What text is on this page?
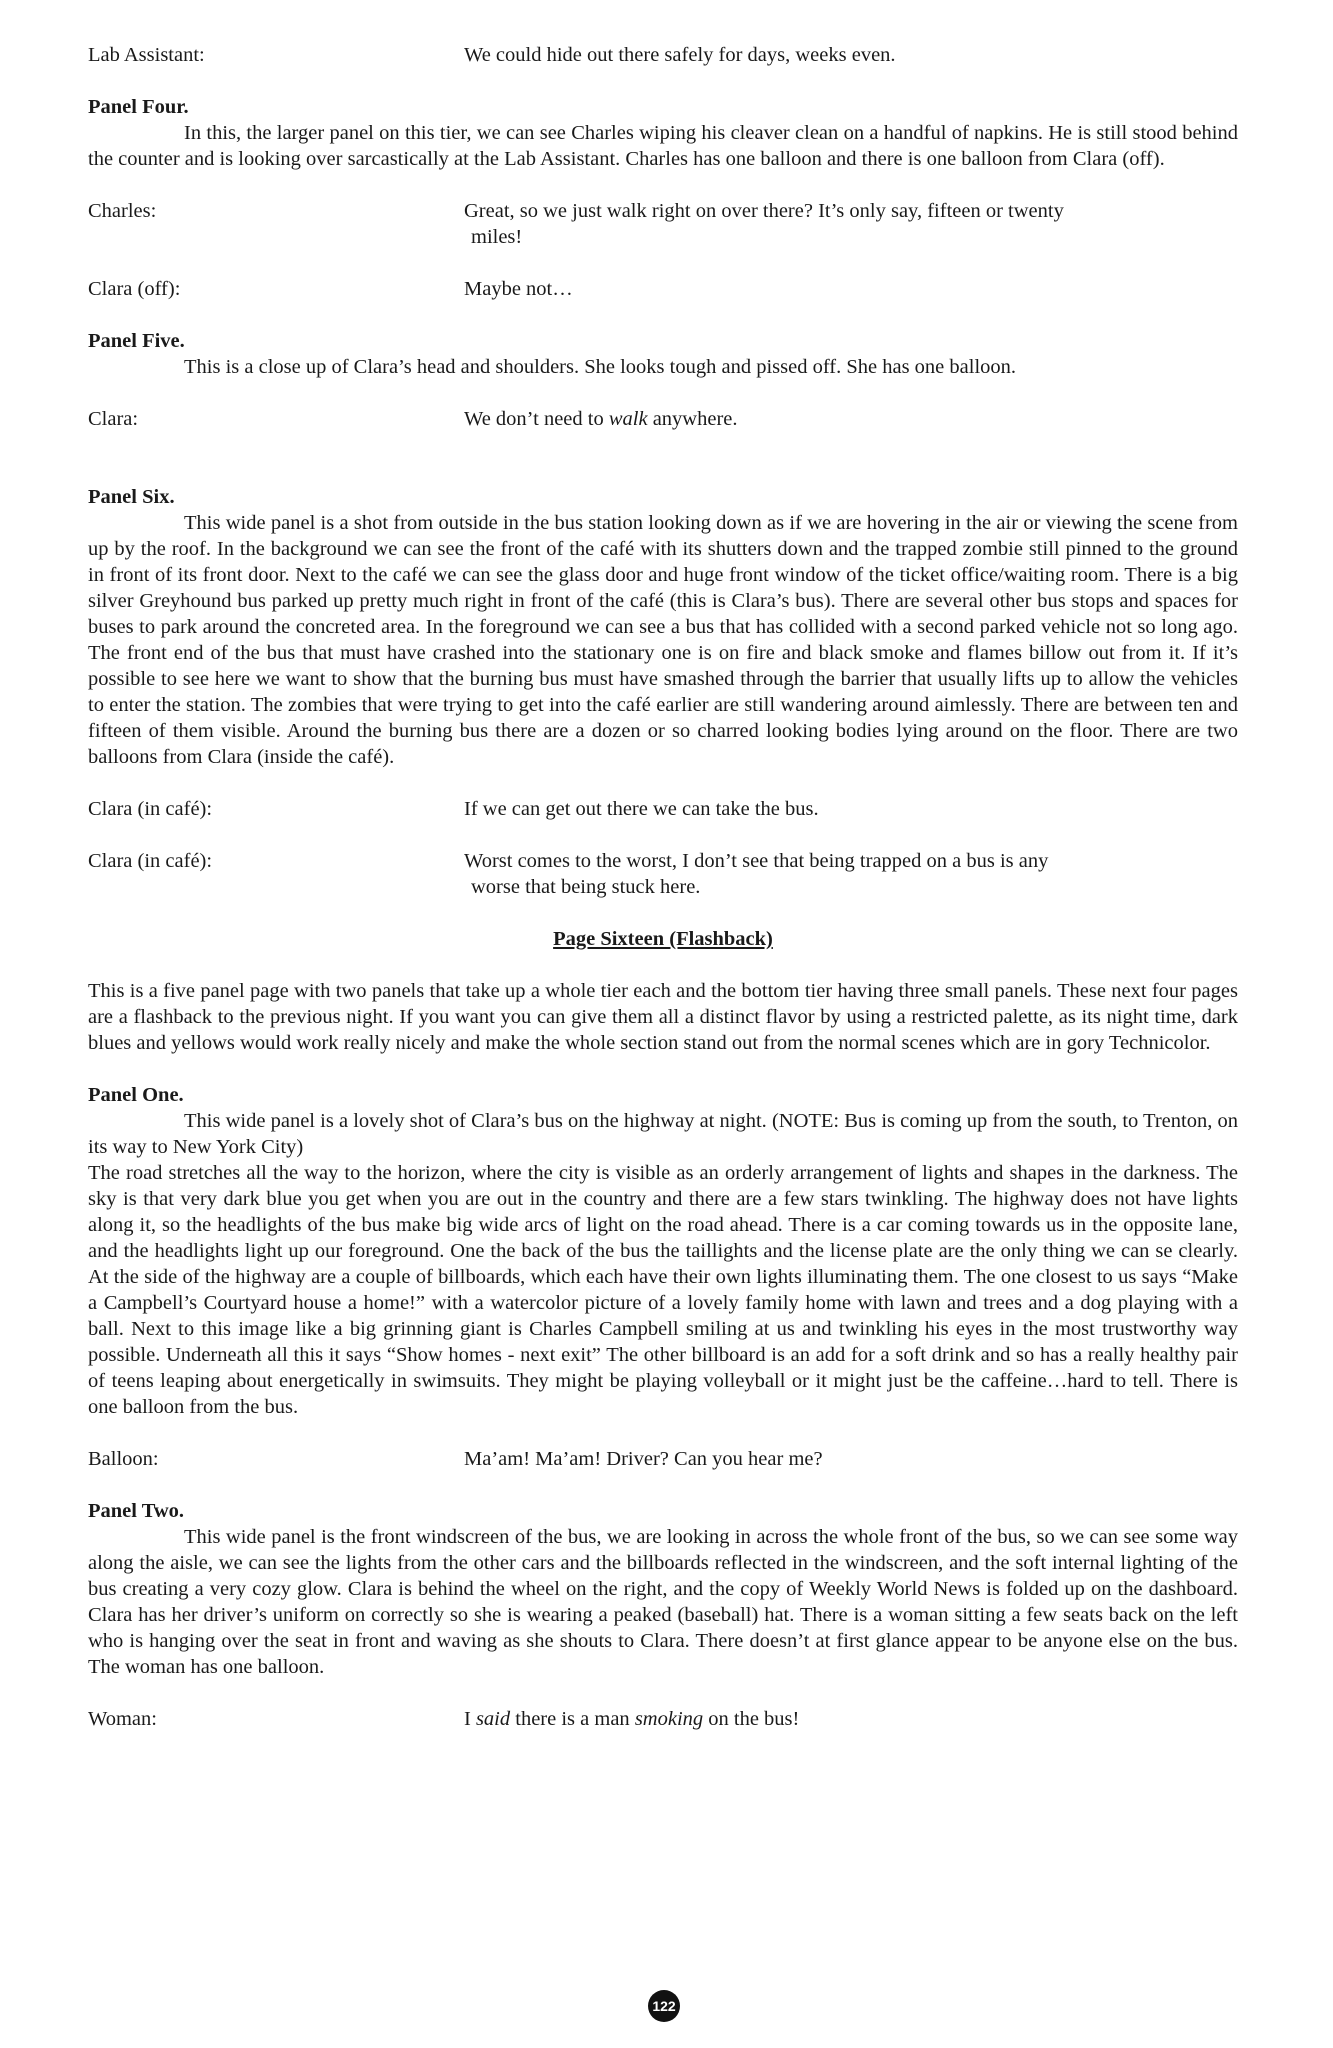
Lab Assistant:	We could hide out there safely for days, weeks even.
Panel Four.

In this, the larger panel on this tier, we can see Charles wiping his cleaver clean on a handful of napkins. He is still stood behind the counter and is looking over sarcastically at the Lab Assistant. Charles has one balloon and there is one balloon from Clara (off).

Charles:	Great, so we just walk right on over there? It’s only say, fifteen or twenty
miles!
Clara (off):	Maybe not…
Panel Five.

This is a close up of Clara’s head and shoulders. She looks tough and pissed off. She has one balloon.

Clara:	We don’t need to walk anywhere.
Panel Six.

This wide panel is a shot from outside in the bus station looking down as if we are hovering in the air or viewing the scene from up by the roof. In the background we can see the front of the café with its shutters down and the trapped zombie still pinned to the ground in front of its front door. Next to the café we can see the glass door and huge front window of the ticket office/waiting room. There is a big silver Greyhound bus parked up pretty much right in front of the café (this is Clara’s bus). There are several other bus stops and spaces for buses to park around the concreted area. In the foreground we can see a bus that has collided with a second parked vehicle not so long ago. The front end of the bus that must have crashed into the stationary one is on fire and black smoke and flames billow out from it. If it’s possible to see here we want to show that the burning bus must have smashed through the barrier that usually lifts up to allow the vehicles to enter the station. The zombies that were trying to get into the café earlier are still wandering around aimlessly. There are between ten and fifteen of them visible. Around the burning bus there are a dozen or so charred looking bodies lying around on the floor. There are two balloons from Clara (inside the café).

Clara (in café):	If we can get out there we can take the bus.
Clara (in café):	Worst comes to the worst, I don’t see that being trapped on a bus is any
worse that being stuck here.
Page Sixteen (Flashback)

This is a five panel page with two panels that take up a whole tier each and the bottom tier having three small panels. These next four pages are a flashback to the previous night. If you want you can give them all a distinct flavor by using a restricted palette, as its night time, dark blues and yellows would work really nicely and make the whole section stand out from the normal scenes which are in gory Technicolor.

Panel One.

This wide panel is a lovely shot of Clara’s bus on the highway at night. (NOTE: Bus is coming up from the south, to Trenton, on its way to New York City)
The road stretches all the way to the horizon, where the city is visible as an orderly arrangement of lights and shapes in the darkness. The sky is that very dark blue you get when you are out in the country and there are a few stars twinkling. The highway does not have lights along it, so the headlights of the bus make big wide arcs of light on the road ahead. There is a car coming towards us in the opposite lane, and the headlights light up our foreground. One the back of the bus the taillights and the license plate are the only thing we can se clearly. At the side of the highway are a couple of billboards, which each have their own lights illuminating them. The one closest to us says “Make a Campbell’s Courtyard house a home!” with a watercolor picture of a lovely family home with lawn and trees and a dog playing with a ball. Next to this image like a big grinning giant is Charles Campbell smiling at us and twinkling his eyes in the most trustworthy way possible. Underneath all this it says “Show homes - next exit” The other billboard is an add for a soft drink and so has a really healthy pair of teens leaping about energetically in swimsuits. They might be playing volleyball or it might just be the caffeine…hard to tell. There is one balloon from the bus.

Balloon:	Ma’am! Ma’am! Driver? Can you hear me?
Panel Two.

This wide panel is the front windscreen of the bus, we are looking in across the whole front of the bus, so we can see some way along the aisle, we can see the lights from the other cars and the billboards reflected in the windscreen, and the soft internal lighting of the bus creating a very cozy glow. Clara is behind the wheel on the right, and the copy of Weekly World News is folded up on the dashboard. Clara has her driver’s uniform on correctly so she is wearing a peaked (baseball) hat. There is a woman sitting a few seats back on the left who is hanging over the seat in front and waving as she shouts to Clara. There doesn’t at first glance appear to be anyone else on the bus. The woman has one balloon.

Woman:	I said there is a man smoking on the bus!
122
